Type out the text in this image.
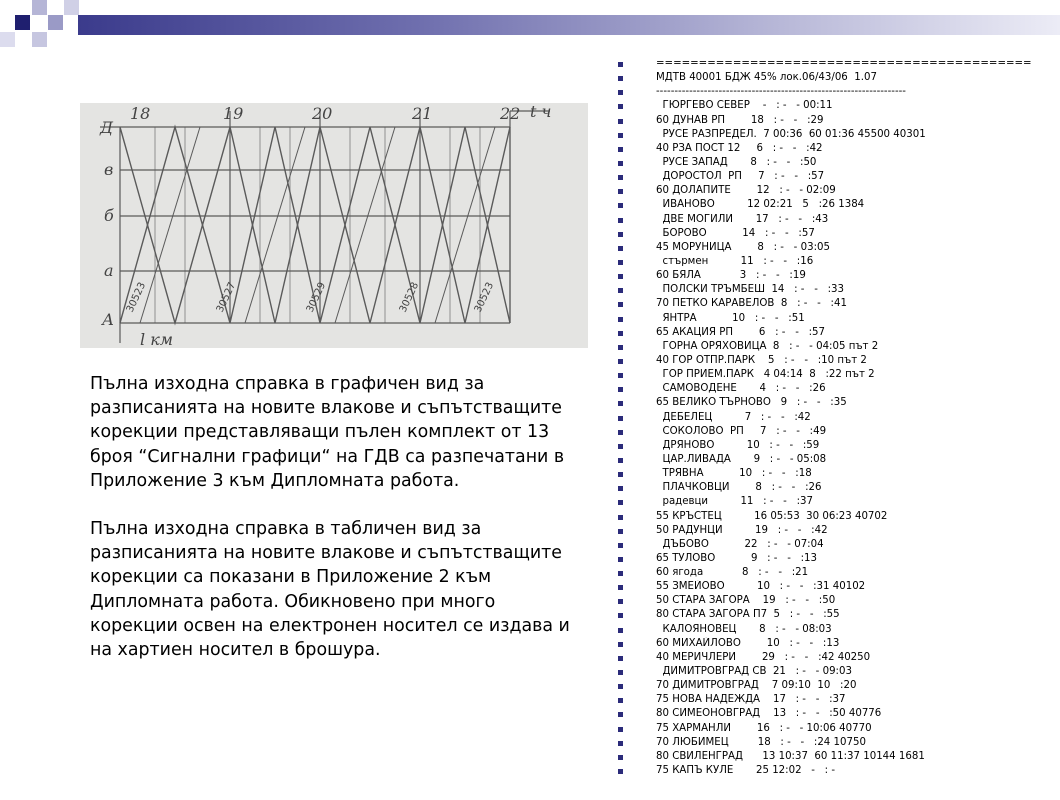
18	19	20	21	22 t ч
Д
в
б
а
А
l км
30523	30527	30529	30528	30523

Пълна изходна справка в графичен вид за разписанията на новите влакове и съпътстващите корекции представляващи пълен комплект от 13 броя “Сигнални графици“ на ГДВ са разпечатани в Приложение 3 към Дипломната работа.

Пълна изходна справка в табличен вид за разписанията на новите влакове и съпътстващите корекции са показани в Приложение 2 към Дипломната работа. Обикновено при много корекции освен на електронен носител се издава и на хартиен носител в брошура.

============================================
МДТВ 40001 БДЖ 45% лок.06/43/06  1.07
--------------------------------------------------------------------
ГЮРГЕВО СЕВЕР    -   : -   - 00:11
60 ДУНАВ РП        18   : -   -   :29
РУСЕ РАЗПРЕДЕЛ.  7 00:36  60 01:36 45500 40301
40 РЗА ПОСТ 12     6   : -   -   :42
РУСЕ ЗАПАД       8   : -   -   :50
ДОРОСТОЛ  РП     7   : -   -   :57
60 ДОЛАПИТЕ        12   : -   - 02:09
ИВАНОВО          12 02:21   5   :26 1384
ДВЕ МОГИЛИ       17   : -   -   :43
БОРОВО           14   : -   -   :57
45 МОРУНИЦА        8   : -   - 03:05
стърмен          11   : -   -   :16
60 БЯЛА            3   : -   -   :19
ПОЛСКИ ТРЪМБЕШ  14   : -   -   :33
70 ПЕТКО КАРАВЕЛОВ  8   : -   -   :41
ЯНТРА           10   : -   -   :51
65 АКАЦИЯ РП        6   : -   -   :57
ГОРНА ОРЯХОВИЦА  8   : -   - 04:05 път 2
40 ГОР ОТПР.ПАРК    5   : -   -   :10 път 2
ГОР ПРИЕМ.ПАРК   4 04:14  8   :22 път 2
САМОВОДЕНЕ       4   : -   -   :26
65 ВЕЛИКО ТЪРНОВО   9   : -   -   :35
ДЕБЕЛЕЦ          7   : -   -   :42
СОКОЛОВО  РП     7   : -   -   :49
ДРЯНОВО          10   : -   -   :59
ЦАР.ЛИВАДА       9   : -   - 05:08
ТРЯВНА           10   : -   -   :18
ПЛАЧКОВЦИ        8   : -   -   :26
радевци          11   : -   -   :37
55 КРЪСТЕЦ          16 05:53  30 06:23 40702
50 РАДУНЦИ          19   : -   -   :42
ДЪБОВО           22   : -   - 07:04
65 ТУЛОВО           9   : -   -   :13
60 ягода            8   : -   -   :21
55 ЗМЕЙОВО          10   : -   -   :31 40102
50 СТАРА ЗАГОРА    19   : -   -   :50
80 СТАРА ЗАГОРА П7  5   : -   -   :55
КАЛОЯНОВЕЦ       8   : -   - 08:03
60 МИХАЙЛОВО        10   : -   -   :13
40 МЕРИЧЛЕРИ        29   : -   -   :42 40250
ДИМИТРОВГРАД СВ  21   : -   - 09:03
70 ДИМИТРОВГРАД    7 09:10  10   :20
75 НОВА НАДЕЖДА    17   : -   -   :37
80 СИМЕОНОВГРАД    13   : -   -   :50 40776
75 ХАРМАНЛИ        16   : -   - 10:06 40770
70 ЛЮБИМЕЦ         18   : -   -   :24 10750
80 СВИЛЕНГРАД      13 10:37  60 11:37 10144 1681
75 КАПЪ КУЛЕ       25 12:02   -   : -
